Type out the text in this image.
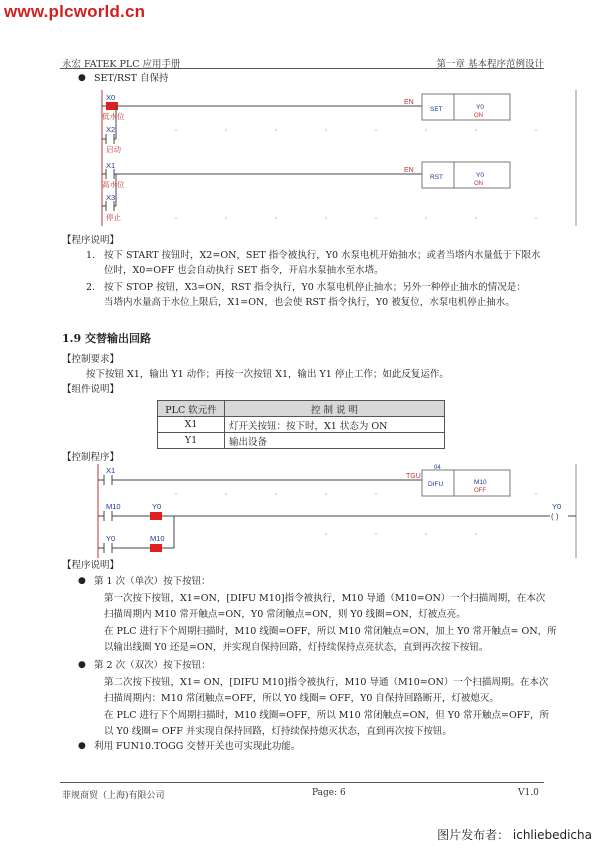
www.plcworld.cn
永宏 FATEK PLC 应用手册	第一章 基本程序范例设计
● SET/RST 自保持
X0
低水位
X2
启动
EN
SET	Y0
ON
X1
高水位
X3
停止
EN
RST	Y0
ON
【程序说明】
1. 按下 START 按钮时，X2=ON，SET 指令被执行，Y0 水泵电机开始抽水；或者当塔内水量低于下限水
位时，X0=OFF 也会自动执行 SET 指令，开启水泵抽水至水塔。
2. 按下 STOP 按钮，X3=ON，RST 指令执行，Y0 水泵电机停止抽水；另外一种停止抽水的情况是：
当塔内水量高于水位上限后，X1=ON，也会使 RST 指令执行，Y0 被复位，水泵电机停止抽水。
1.9 交替输出回路
【控制要求】
按下按钮 X1，输出 Y1 动作；再按一次按钮 X1，输出 Y1 停止工作；如此反复运作。
【组件说明】
PLC 软元件	控 制 说 明
X1	灯开关按钮：按下时，X1 状态为 ON
Y1	输出设备
【控制程序】
X1
TGU
04
DIFU	M10
OFF
M10	Y0	Y0
( )
Y0	M10
【程序说明】
● 第 1 次（单次）按下按钮：
第一次按下按钮，X1=ON，[DIFU M10]指令被执行，M10 导通（M10=ON）一个扫描周期，在本次
扫描周期内 M10 常开触点=ON，Y0 常闭触点=ON，则 Y0 线圈=ON，灯被点亮。
在 PLC 进行下个周期扫描时，M10 线圈=OFF，所以 M10 常闭触点=ON，加上 Y0 常开触点= ON，所
以输出线圈 Y0 还是=ON，并实现自保持回路，灯持续保持点亮状态，直到再次按下按钮。
● 第 2 次（双次）按下按钮：
第二次按下按钮，X1= ON，[DIFU M10]指令被执行，M10 导通（M10=ON）一个扫描周期。在本次
扫描周期内：M10 常闭触点=OFF，所以 Y0 线圈= OFF，Y0 自保持回路断开，灯被熄灭。
在 PLC 进行下个周期扫描时，M10 线圈=OFF，所以 M10 常闭触点=ON，但 Y0 常开触点=OFF，所
以 Y0 线圈= OFF 并实现自保持回路，灯持续保持熄灭状态，直到再次按下按钮。
● 利用 FUN10.TOGG 交替开关也可实现此功能。
菲规商贸（上海)有限公司	Page: 6	V1.0
图片发布者： ichliebedicha
